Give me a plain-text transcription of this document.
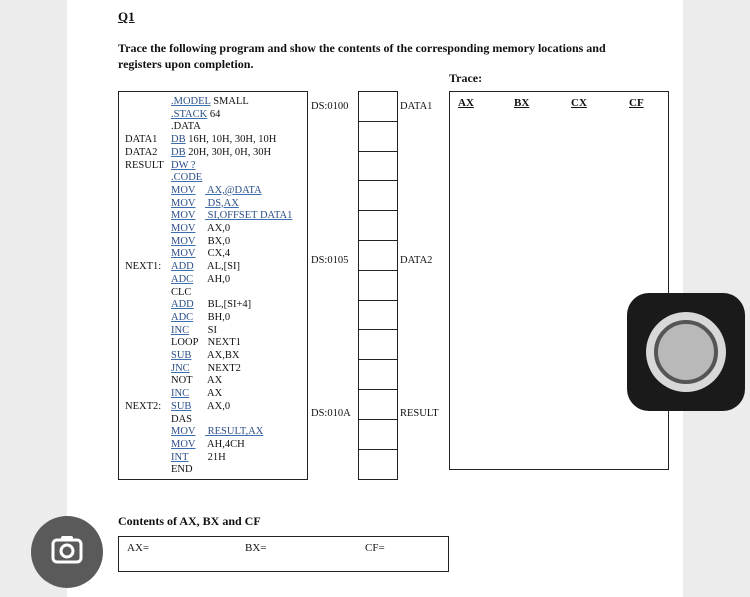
Q1
Trace the following program and show the contents of the corresponding memory locations and registers upon completion.
Trace:
.MODEL SMALL
.STACK 64
.DATA
DATA1 DB 16H, 10H, 30H, 10H
DATA2 DB 20H, 30H, 0H, 30H
RESULT DW ?
.CODE
MOV AX,@DATA
MOV DS,AX
MOV SI,OFFSET DATA1
MOV AX,0
MOV BX,0
MOV CX,4
NEXT1: ADD AL,[SI]
ADC AH,0
CLC
ADD BL,[SI+4]
ADC BH,0
INC SI
LOOP NEXT1
SUB AX,BX
JNC NEXT2
NOT AX
INC AX
NEXT2: SUB AX,0
DAS
MOV RESULT,AX
MOV AH,4CH
INT 21H
END
DS:0100	DATA1
DS:0105	DATA2
DS:010A	RESULT
AX	BX	CX	CF
Contents of AX, BX and CF
AX=	BX=	CF=
